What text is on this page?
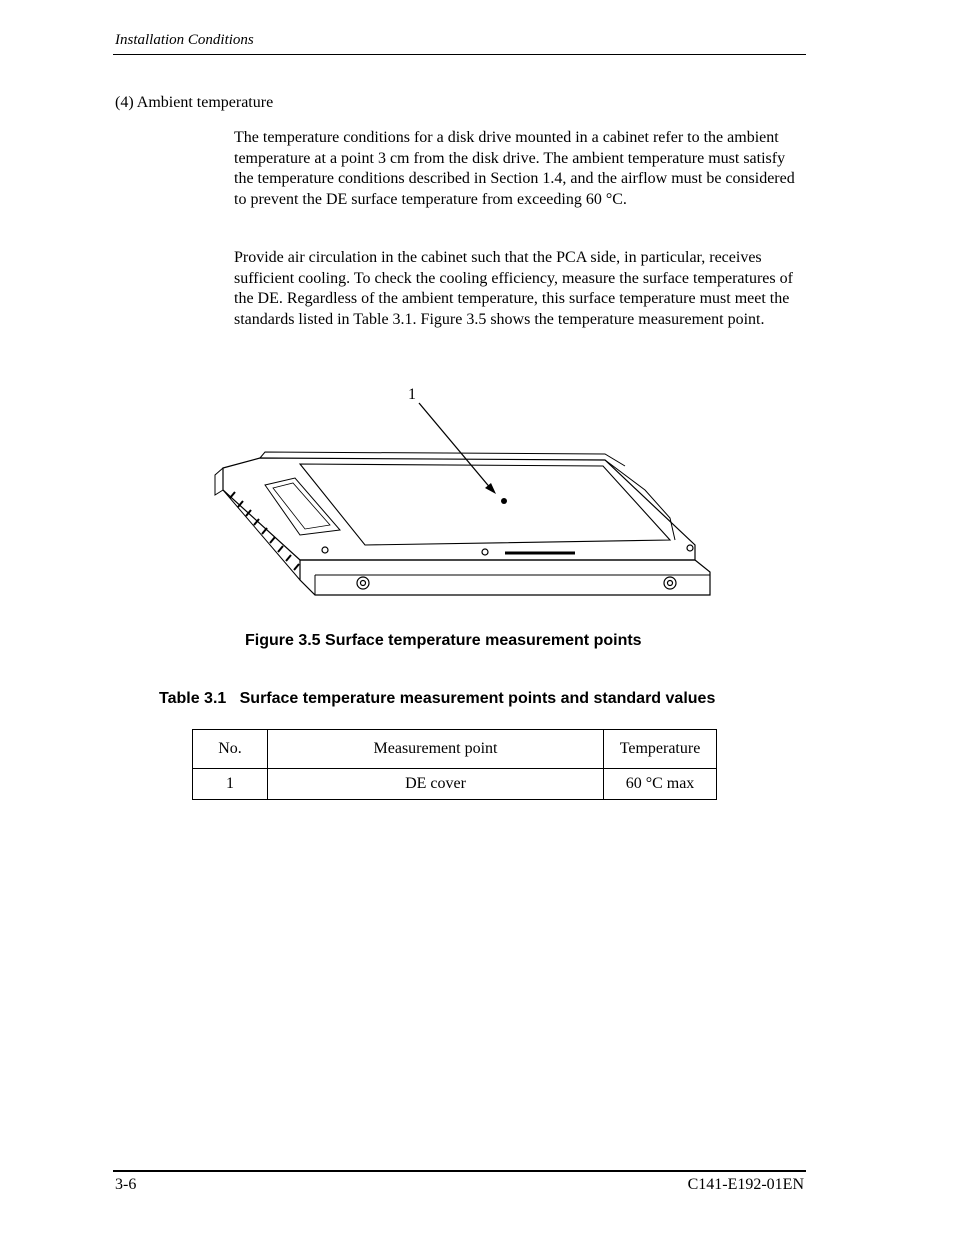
Installation Conditions
(4) Ambient temperature

The temperature conditions for a disk drive mounted in a cabinet refer to the ambient temperature at a point 3 cm from the disk drive. The ambient temperature must satisfy the temperature conditions described in Section 1.4, and the airflow must be considered to prevent the DE surface temperature from exceeding 60 °C.

Provide air circulation in the cabinet such that the PCA side, in particular, receives sufficient cooling. To check the cooling efficiency, measure the surface temperatures of the DE. Regardless of the ambient temperature, this surface temperature must meet the standards listed in Table 3.1. Figure 3.5 shows the temperature measurement point.

1
Figure 3.5 Surface temperature measurement points
Table 3.1   Surface temperature measurement points and standard values
No.	Measurement point	Temperature
1	DE cover	60 °C max
3-6	C141-E192-01EN
